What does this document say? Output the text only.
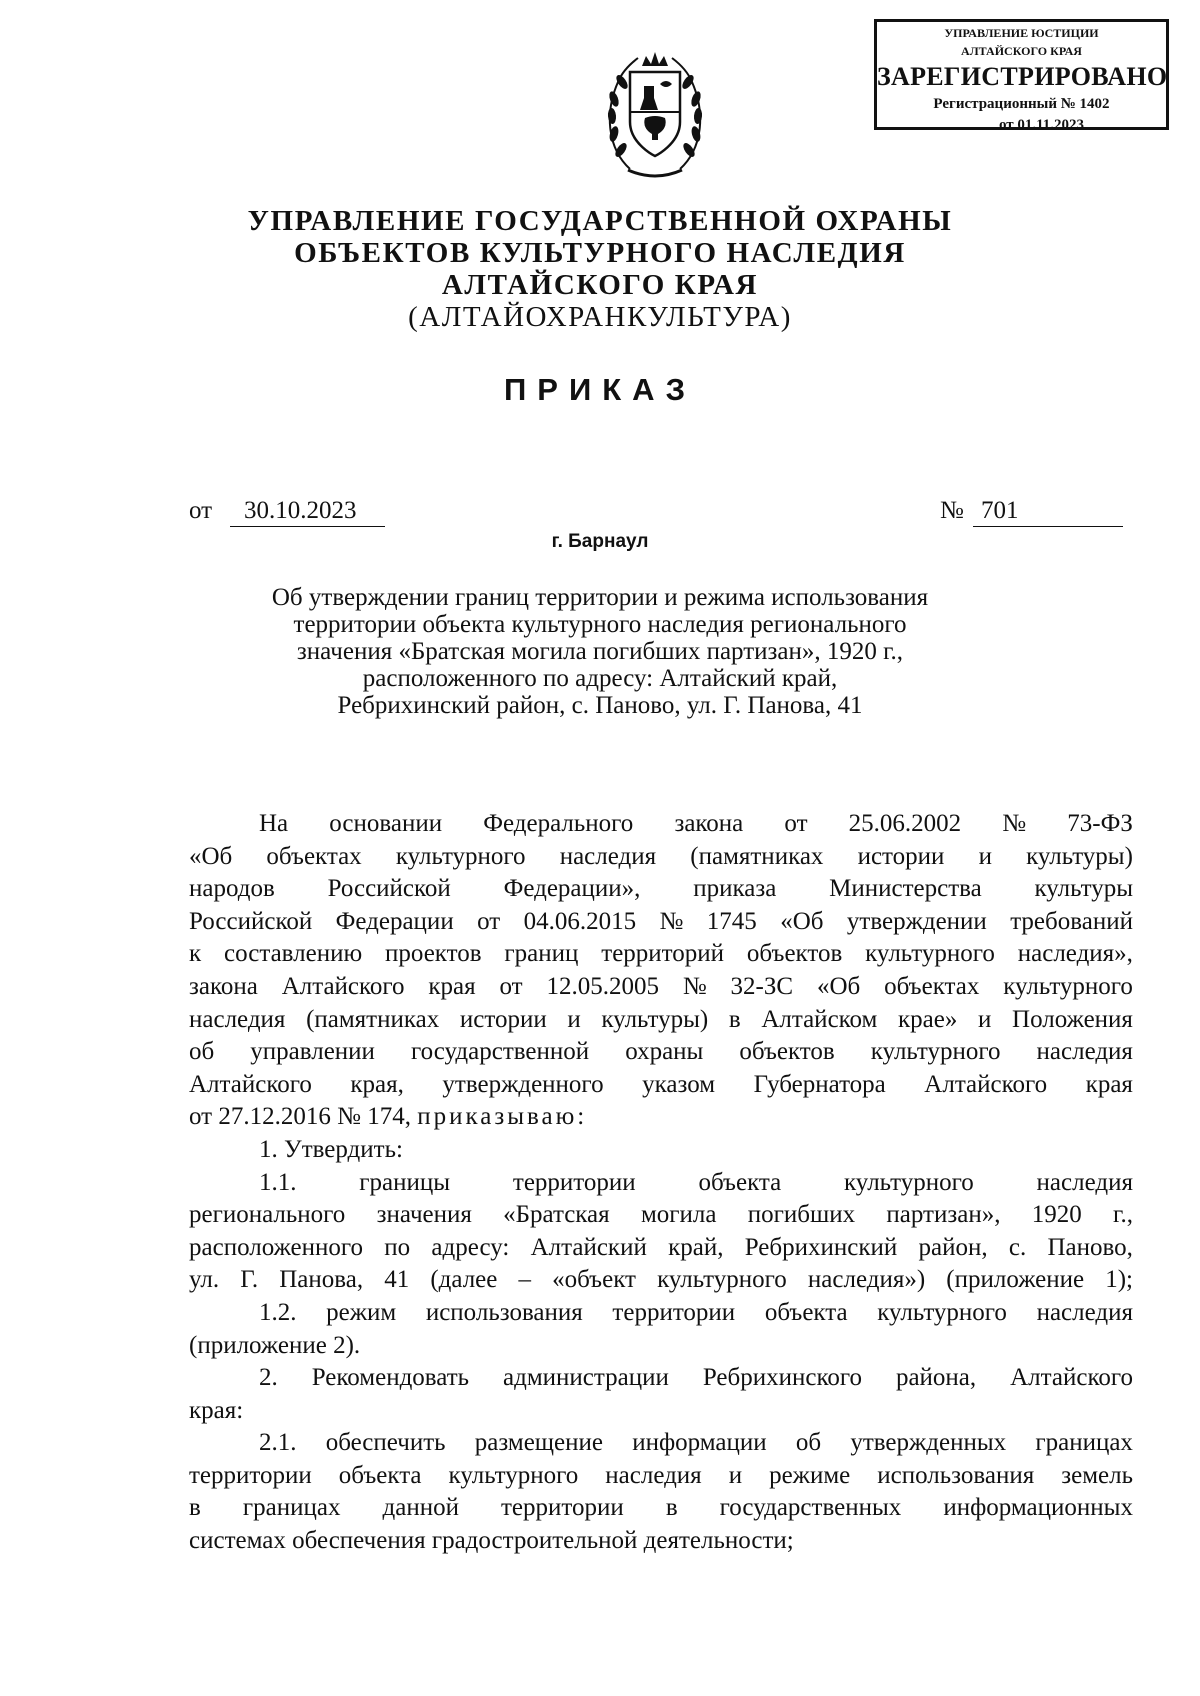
УПРАВЛЕНИЕ ЮСТИЦИИ
АЛТАЙСКОГО КРАЯ
ЗАРЕГИСТРИРОВАНО
Регистрационный № 1402
от 01.11.2023
УПРАВЛЕНИЕ ГОСУДАРСТВЕННОЙ ОХРАНЫ
ОБЪЕКТОВ КУЛЬТУРНОГО НАСЛЕДИЯ
АЛТАЙСКОГО КРАЯ
(АЛТАЙОХРАНКУЛЬТУРА)
ПРИКАЗ
от	30.10.2023	№ 701
г. Барнаул
Об утверждении границ территории и режима использования
территории объекта культурного наследия регионального
значения «Братская могила погибших партизан», 1920 г.,
расположенного по адресу: Алтайский край,
Ребрихинский район, с. Паново, ул. Г. Панова, 41
На основании Федерального закона от 25.06.2002 № 73-ФЗ
«Об объектах культурного наследия (памятниках истории и культуры)
народов Российской Федерации», приказа Министерства культуры
Российской Федерации от 04.06.2015 № 1745 «Об утверждении требований
к составлению проектов границ территорий объектов культурного наследия»,
закона Алтайского края от 12.05.2005 № 32-ЗС «Об объектах культурного
наследия (памятниках истории и культуры) в Алтайском крае» и Положения
об управлении государственной охраны объектов культурного наследия
Алтайского края, утвержденного указом Губернатора Алтайского края
от 27.12.2016 № 174, приказываю:
1. Утвердить:
1.1.	границы	территории	объекта	культурного	наследия
регионального значения «Братская могила погибших партизан», 1920 г.,
расположенного по адресу: Алтайский край, Ребрихинский район, с. Паново,
ул. Г. Панова, 41 (далее – «объект культурного наследия») (приложение 1);
1.2. режим использования территории объекта культурного наследия
(приложение 2).
2. Рекомендовать администрации Ребрихинского района, Алтайского
края:
2.1. обеспечить размещение информации об утвержденных границах
территории объекта культурного наследия и режиме использования земель
в границах данной территории в государственных информационных
системах обеспечения градостроительной деятельности;
